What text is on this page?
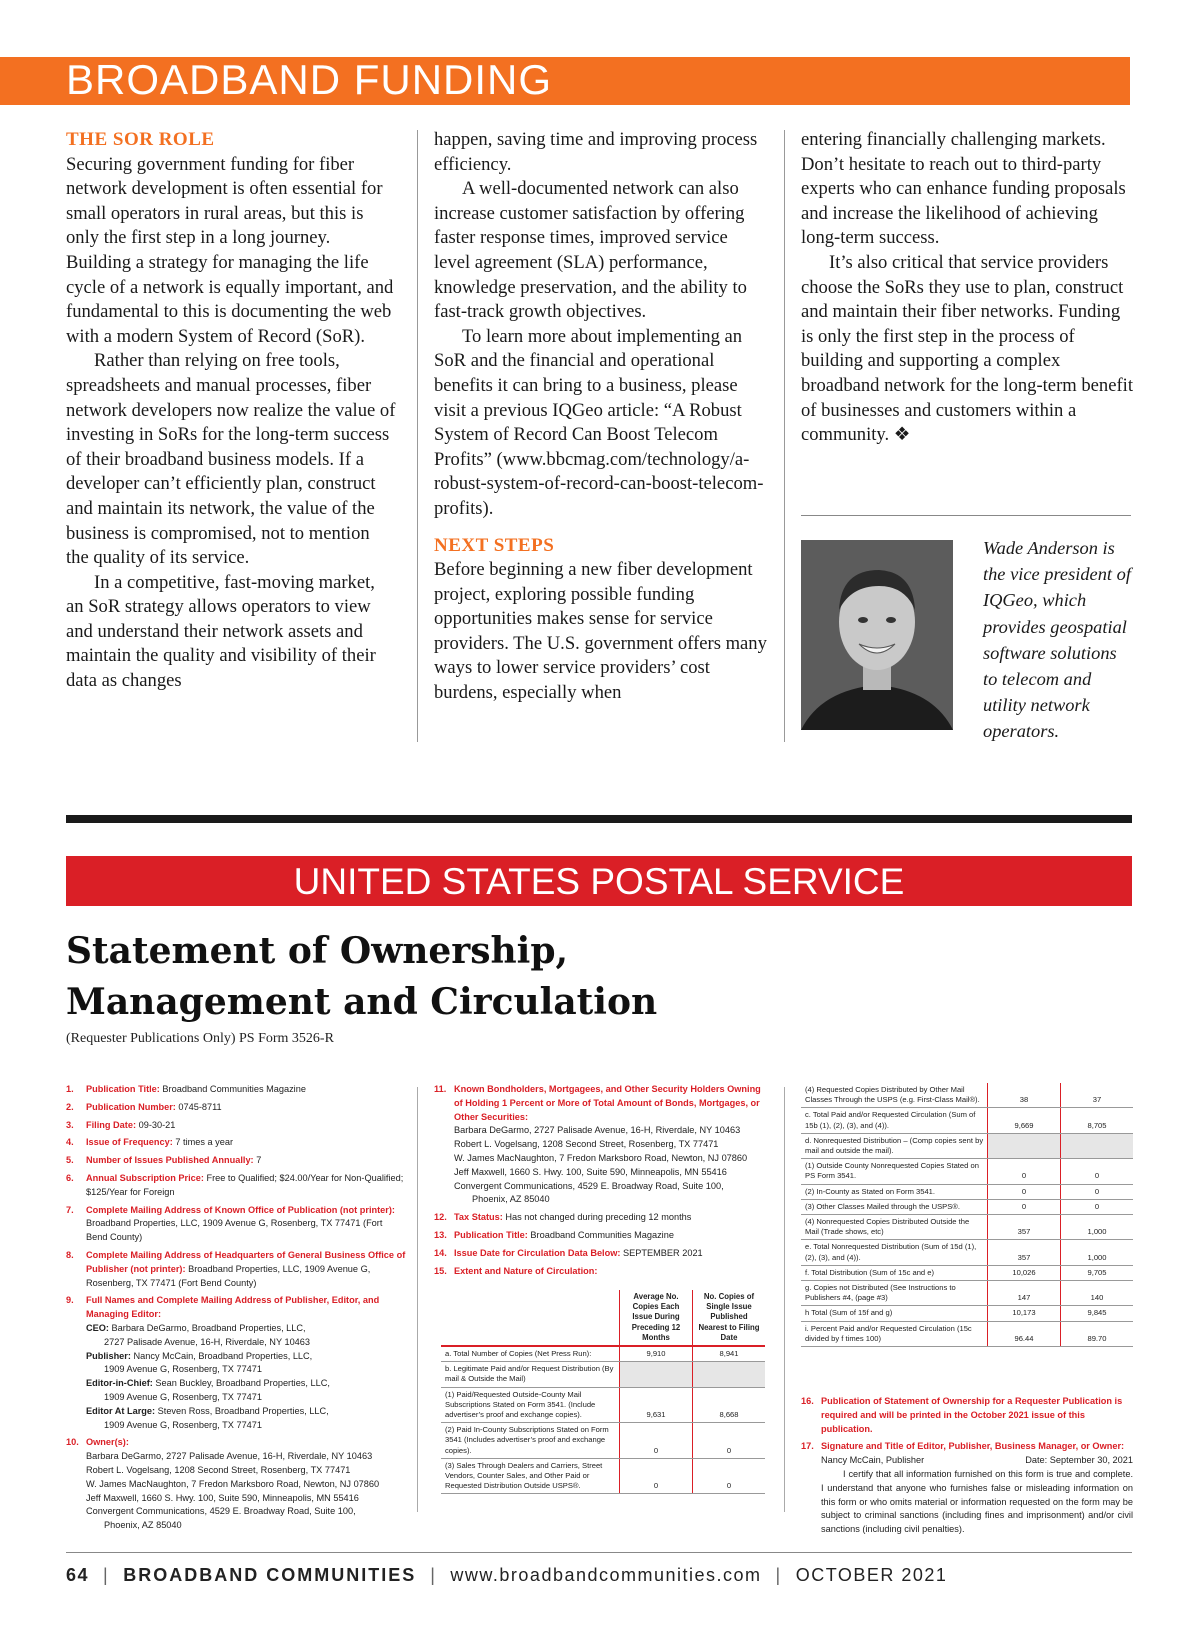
BROADBAND FUNDING
THE SOR ROLE

Securing government funding for fiber network development is often essential for small operators in rural areas, but this is only the first step in a long journey. Building a strategy for managing the life cycle of a network is equally important, and fundamental to this is documenting the web with a modern System of Record (SoR).

Rather than relying on free tools, spreadsheets and manual processes, fiber network developers now realize the value of investing in SoRs for the long-term success of their broadband business models. If a developer can’t efficiently plan, construct and maintain its network, the value of the business is compromised, not to mention the quality of its service.

In a competitive, fast-moving market, an SoR strategy allows operators to view and understand their network assets and maintain the quality and visibility of their data as changes

happen, saving time and improving process efficiency.

A well-documented network can also increase customer satisfaction by offering faster response times, improved service level agreement (SLA) performance, knowledge preservation, and the ability to fast-track growth objectives.

To learn more about implementing an SoR and the financial and operational benefits it can bring to a business, please visit a previous IQGeo article: “A Robust System of Record Can Boost Telecom Profits” (www.bbcmag.com/technology/a-robust-system-of-record-can-boost-telecom-profits).

NEXT STEPS

Before beginning a new fiber development project, exploring possible funding opportunities makes sense for service providers. The U.S. government offers many ways to lower service providers’ cost burdens, especially when

entering financially challenging markets. Don’t hesitate to reach out to third-party experts who can enhance funding proposals and increase the likelihood of achieving long-term success.

It’s also critical that service providers choose the SoRs they use to plan, construct and maintain their fiber networks. Funding is only the first step in the process of building and supporting a complex broadband network for the long-term benefit of businesses and customers within a community. ❖

Wade Anderson is the vice president of IQGeo, which provides geospatial software solutions to telecom and utility network operators.
UNITED STATES POSTAL SERVICE
Statement of Ownership,
Management and Circulation
(Requester Publications Only) PS Form 3526-R
1. Publication Title: Broadband Communities Magazine
2. Publication Number: 0745-8711
3. Filing Date: 09-30-21
4. Issue of Frequency: 7 times a year
5. Number of Issues Published Annually: 7
6. Annual Subscription Price: Free to Qualified; $24.00/Year for Non-Qualified; $125/Year for Foreign
7. Complete Mailing Address of Known Office of Publication (not printer): Broadband Properties, LLC, 1909 Avenue G, Rosenberg, TX 77471 (Fort Bend County)
8. Complete Mailing Address of Headquarters of General Business Office of Publisher (not printer): Broadband Properties, LLC, 1909 Avenue G, Rosenberg, TX 77471 (Fort Bend County)
9. Full Names and Complete Mailing Address of Publisher, Editor, and Managing Editor:
CEO: Barbara DeGarmo, Broadband Properties, LLC,
2727 Palisade Avenue, 16-H, Riverdale, NY 10463
Publisher: Nancy McCain, Broadband Properties, LLC,
1909 Avenue G, Rosenberg, TX 77471
Editor-in-Chief: Sean Buckley, Broadband Properties, LLC,
1909 Avenue G, Rosenberg, TX 77471
Editor At Large: Steven Ross, Broadband Properties, LLC,
1909 Avenue G, Rosenberg, TX 77471
10. Owner(s):
Barbara DeGarmo, 2727 Palisade Avenue, 16-H, Riverdale, NY 10463
Robert L. Vogelsang, 1208 Second Street, Rosenberg, TX 77471
W. James MacNaughton, 7 Fredon Marksboro Road, Newton, NJ 07860
Jeff Maxwell, 1660 S. Hwy. 100, Suite 590, Minneapolis, MN 55416
Convergent Communications, 4529 E. Broadway Road, Suite 100,
Phoenix, AZ 85040
11. Known Bondholders, Mortgagees, and Other Security Holders Owning of Holding 1 Percent or More of Total Amount of Bonds, Mortgages, or Other Securities:
Barbara DeGarmo, 2727 Palisade Avenue, 16-H, Riverdale, NY 10463
Robert L. Vogelsang, 1208 Second Street, Rosenberg, TX 77471
W. James MacNaughton, 7 Fredon Marksboro Road, Newton, NJ 07860
Jeff Maxwell, 1660 S. Hwy. 100, Suite 590, Minneapolis, MN 55416
Convergent Communications, 4529 E. Broadway Road, Suite 100,
Phoenix, AZ 85040
12. Tax Status: Has not changed during preceding 12 months
13. Publication Title: Broadband Communities Magazine
14. Issue Date for Circulation Data Below: SEPTEMBER 2021
15. Extent and Nature of Circulation:
	Average No. Copies Each Issue During Preceding 12 Months	No. Copies of Single Issue Published Nearest to Filing Date
a. Total Number of Copies (Net Press Run):	9,910	8,941
b. Legitimate Paid and/or Request Distribution (By mail & Outside the Mail)		
(1) Paid/Requested Outside-County Mail Subscriptions Stated on Form 3541. (Include advertiser’s proof and exchange copies).	9,631	8,668
(2) Paid In-County Subscriptions Stated on Form 3541 (Includes advertiser’s proof and exchange copies).	0	0
(3) Sales Through Dealers and Carriers, Street Vendors, Counter Sales, and Other Paid or Requested Distribution Outside USPS®.	0	0
(4) Requested Copies Distributed by Other Mail Classes Through the USPS (e.g. First-Class Mail®).	38	37
c. Total Paid and/or Requested Circulation (Sum of 15b (1), (2), (3), and (4)).	9,669	8,705
d. Nonrequested Distribution – (Comp copies sent by mail and outside the mail).		
(1) Outside County Nonrequested Copies Stated on PS Form 3541.	0	0
(2) In-County as Stated on Form 3541.	0	0
(3) Other Classes Mailed through the USPS®.	0	0
(4) Nonrequested Copies Distributed Outside the Mail (Trade shows, etc)	357	1,000
e. Total Nonrequested Distribution (Sum of 15d (1), (2), (3), and (4)).	357	1,000
f. Total Distribution (Sum of 15c and e)	10,026	9,705
g. Copies not Distributed (See Instructions to Publishers #4, (page #3)	147	140
h Total (Sum of 15f and g)	10,173	9,845
i. Percent Paid and/or Requested Circulation (15c divided by f times 100)	96.44	89.70
16. Publication of Statement of Ownership for a Requester Publication is required and will be printed in the October 2021 issue of this publication.
17. Signature and Title of Editor, Publisher, Business Manager, or Owner:
Nancy McCain, Publisher	Date: September 30, 2021
I certify that all information furnished on this form is true and complete. I understand that anyone who furnishes false or misleading information on this form or who omits material or information requested on the form may be subject to criminal sanctions (including fines and imprisonment) and/or civil sanctions (including civil penalties).
64 | BROADBAND COMMUNITIES | www.broadbandcommunities.com | OCTOBER 2021
